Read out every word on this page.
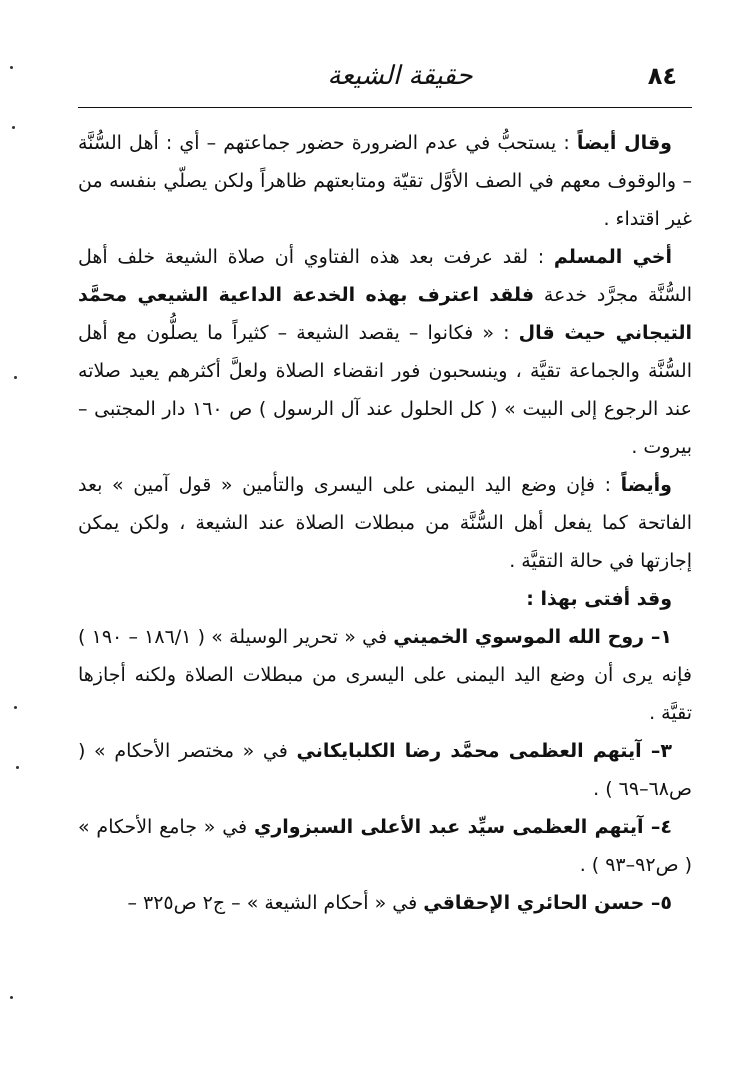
حقيقة الشيعة	٨٤

وقال أيضاً : يستحبُّ في عدم الضرورة حضور جماعتهم – أي : أهل السُّنَّة – والوقوف معهم في الصف الأوَّل تقيّة ومتابعتهم ظاهراً ولكن يصلّي بنفسه من غير اقتداء .

أخي المسلم : لقد عرفت بعد هذه الفتاوي أن صلاة الشيعة خلف أهل السُّنَّة مجرَّد خدعة فلقد اعترف بهذه الخدعة الداعية الشيعي محمَّد التيجاني حيث قال : « فكانوا – يقصد الشيعة – كثيراً ما يصلُّون مع أهل السُّنَّة والجماعة تقيَّة ، وينسحبون فور انقضاء الصلاة ولعلَّ أكثرهم يعيد صلاته عند الرجوع إلى البيت » ( كل الحلول عند آل الرسول ) ص ١٦٠ دار المجتبى – بيروت .

وأيضاً : فإن وضع اليد اليمنى على اليسرى والتأمين « قول آمين » بعد الفاتحة كما يفعل أهل السُّنَّة من مبطلات الصلاة عند الشيعة ، ولكن يمكن إجازتها في حالة التقيَّة .

وقد أفتى بهذا :

١– روح الله الموسوي الخميني في « تحرير الوسيلة » ( ١٨٦/١ – ١٩٠ ) فإنه يرى أن وضع اليد اليمنى على اليسرى من مبطلات الصلاة ولكنه أجازها تقيَّة .

٣– آيتهم العظمى محمَّد رضا الكلبايكاني في « مختصر الأحكام » ( ص٦٨–٦٩ ) .

٤– آيتهم العظمى سيِّد عبد الأعلى السبزواري في « جامع الأحكام » ( ص٩٢–٩٣ ) .

٥– حسن الحائري الإحقاقي في « أحكام الشيعة » – ج٢ ص٣٢٥ –
